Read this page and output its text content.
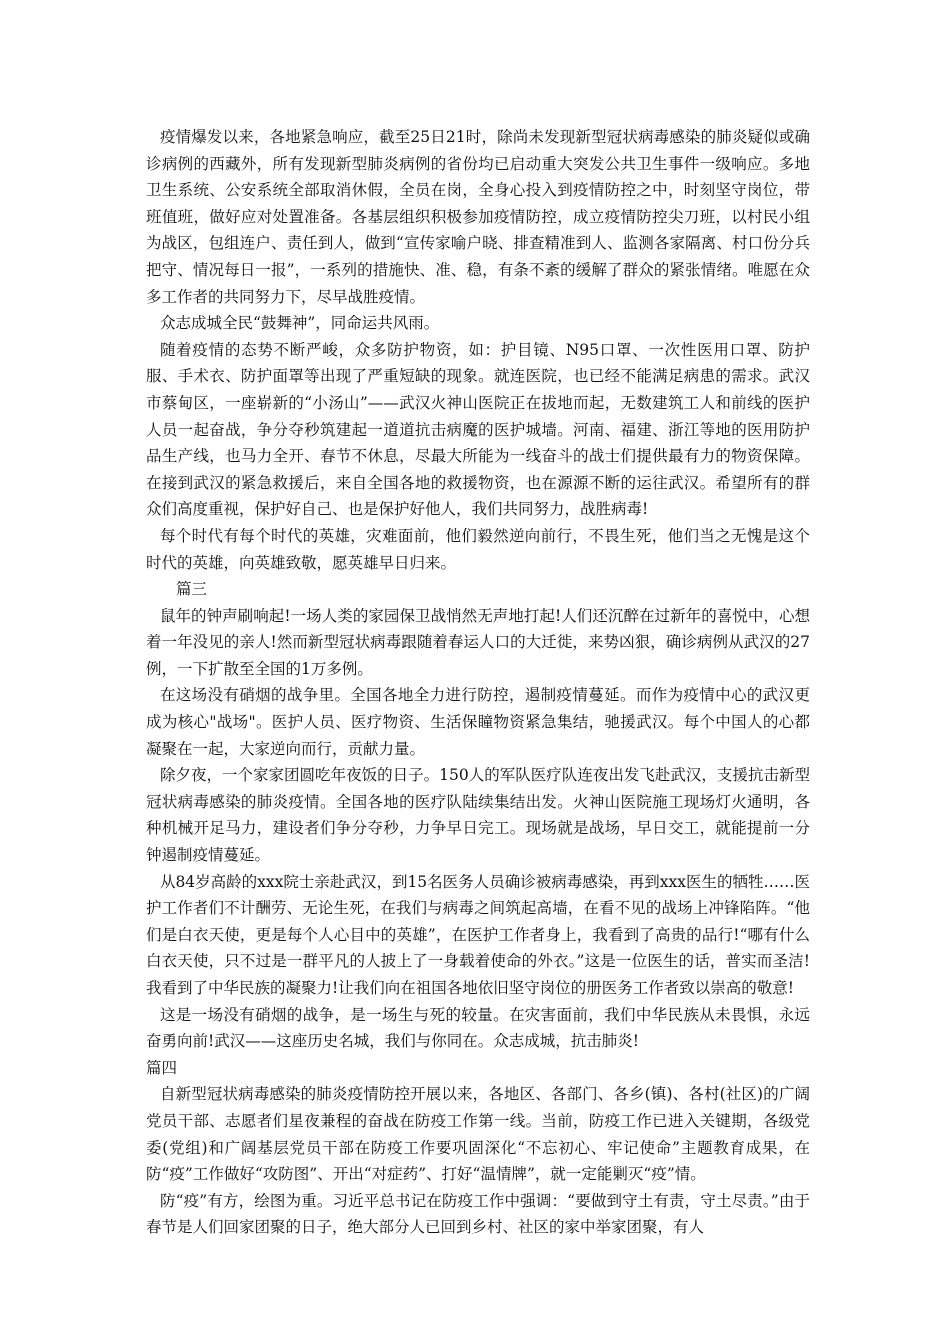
疫情爆发以来，各地紧急响应，截至25日21时，除尚未发现新型冠状病毒感染的肺炎疑似或确诊病例的西藏外，所有发现新型肺炎病例的省份均已启动重大突发公共卫生事件一级响应。多地卫生系统、公安系统全部取消休假，全员在岗，全身心投入到疫情防控之中，时刻坚守岗位，带班值班，做好应对处置准备。各基层组织积极参加疫情防控，成立疫情防控尖刀班，以村民小组为战区，包组连户、责任到人，做到“宣传家喻户晓、排查精准到人、监测各家隔离、村口份分兵把守、情况每日一报”，一系列的措施快、准、稳，有条不紊的缓解了群众的紧张情绪。唯愿在众多工作者的共同努力下，尽早战胜疫情。

众志成城全民“鼓舞神”，同命运共风雨。

随着疫情的态势不断严峻，众多防护物资，如：护目镜、N95口罩、一次性医用口罩、防护服、手术衣、防护面罩等出现了严重短缺的现象。就连医院，也已经不能满足病患的需求。武汉市蔡甸区，一座崭新的“小汤山”——武汉火神山医院正在拔地而起，无数建筑工人和前线的医护人员一起奋战，争分夺秒筑建起一道道抗击病魔的医护城墙。河南、福建、浙江等地的医用防护品生产线，也马力全开、春节不休息，尽最大所能为一线奋斗的战士们提供最有力的物资保障。在接到武汉的紧急救援后，来自全国各地的救援物资，也在源源不断的运往武汉。希望所有的群众们高度重视，保护好自己、也是保护好他人，我们共同努力，战胜病毒!

每个时代有每个时代的英雄，灾难面前，他们毅然逆向前行，不畏生死，他们当之无愧是这个时代的英雄，向英雄致敬，愿英雄早日归来。

篇三

鼠年的钟声刷响起!一场人类的家园保卫战悄然无声地打起!人们还沉醉在过新年的喜悦中，心想着一年没见的亲人!然而新型冠状病毒跟随着春运人口的大迁徙，来势凶狠，确诊病例从武汉的27例，一下扩散至全国的1万多例。

在这场没有硝烟的战争里。全国各地全力进行防控，遏制疫情蔓延。而作为疫情中心的武汉更成为核心"战场"。医护人员、医疗物资、生活保瞳物资紧急集结，驰援武汉。每个中国人的心都凝聚在一起，大家逆向而行，贡献力量。

除夕夜，一个家家团圆吃年夜饭的日子。150人的军队医疗队连夜出发飞赴武汉，支援抗击新型冠状病毒感染的肺炎疫情。全国各地的医疗队陆续集结出发。火神山医院施工现场灯火通明，各种机械开足马力，建设者们争分夺秒，力争早日完工。现场就是战场，早日交工，就能提前一分钟遏制疫情蔓延。

从84岁高龄的xxx院士亲赴武汉，到15名医务人员确诊被病毒感染，再到xxx医生的牺牲……医护工作者们不计酬劳、无论生死，在我们与病毒之间筑起高墙，在看不见的战场上冲锋陷阵。“他们是白衣天使，更是每个人心目中的英雄”，在医护工作者身上，我看到了高贵的品行!“哪有什么白衣天使，只不过是一群平凡的人披上了一身载着使命的外衣。”这是一位医生的话，普实而圣洁!我看到了中华民族的凝聚力!让我们向在祖国各地依旧坚守岗位的册医务工作者致以崇高的敬意!

这是一场没有硝烟的战争，是一场生与死的较量。在灾害面前，我们中华民族从未畏惧，永远奋勇向前!武汉——这座历史名城，我们与你同在。众志成城，抗击肺炎!

篇四

自新型冠状病毒感染的肺炎疫情防控开展以来，各地区、各部门、各乡(镇)、各村(社区)的广阔党员干部、志愿者们星夜兼程的奋战在防疫工作第一线。当前，防疫工作已进入关键期，各级党委(党组)和广阔基层党员干部在防疫工作要巩固深化“不忘初心、牢记使命”主题教育成果，在防“疫”工作做好“攻防图”、开出“对症药”、打好“温情牌”，就一定能剿灭“疫”情。

防“疫”有方，绘图为重。习近平总书记在防疫工作中强调：“要做到守土有责，守土尽责。”由于春节是人们回家团聚的日子，绝大部分人已回到乡村、社区的家中举家团聚，有人
